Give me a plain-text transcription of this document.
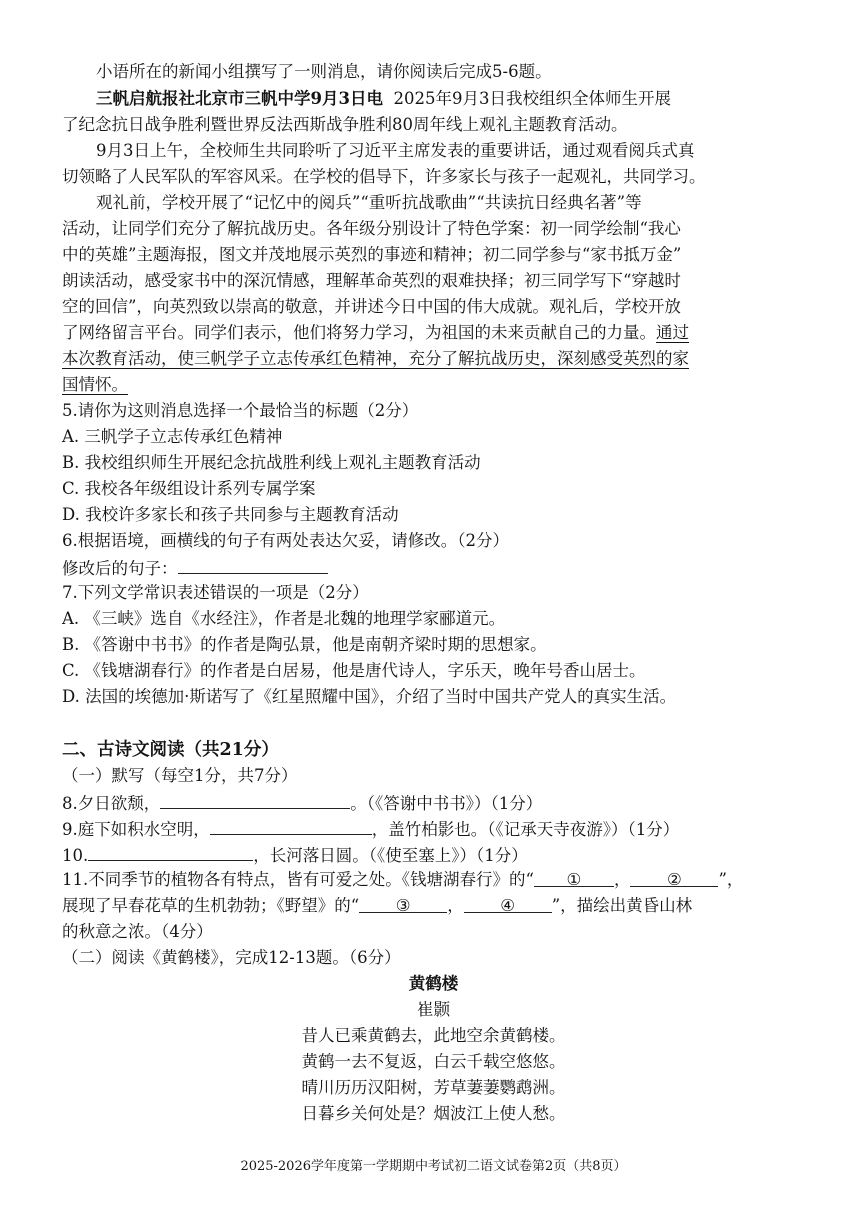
小语所在的新闻小组撰写了一则消息，请你阅读后完成5-6题。
三帆启航报社北京市三帆中学9月3日电  2025年9月3日我校组织全体师生开展
了纪念抗日战争胜利暨世界反法西斯战争胜利80周年线上观礼主题教育活动。
9月3日上午，全校师生共同聆听了习近平主席发表的重要讲话，通过观看阅兵式真
切领略了人民军队的军容风采。在学校的倡导下，许多家长与孩子一起观礼，共同学习。
观礼前，学校开展了“记忆中的阅兵”“重听抗战歌曲”“共读抗日经典名著”等
活动，让同学们充分了解抗战历史。各年级分别设计了特色学案：初一同学绘制“我心
中的英雄”主题海报，图文并茂地展示英烈的事迹和精神；初二同学参与“家书抵万金”
朗读活动，感受家书中的深沉情感，理解革命英烈的艰难抉择；初三同学写下“穿越时
空的回信”，向英烈致以崇高的敬意，并讲述今日中国的伟大成就。观礼后，学校开放
了网络留言平台。同学们表示，他们将努力学习，为祖国的未来贡献自己的力量。通过
本次教育活动，使三帆学子立志传承红色精神，充分了解抗战历史，深刻感受英烈的家
国情怀。
5.请你为这则消息选择一个最恰当的标题（2分）
A. 三帆学子立志传承红色精神
B. 我校组织师生开展纪念抗战胜利线上观礼主题教育活动
C. 我校各年级组设计系列专属学案
D. 我校许多家长和孩子共同参与主题教育活动
6.根据语境，画横线的句子有两处表达欠妥，请修改。（2分）
修改后的句子：
7.下列文学常识表述错误的一项是（2分）
A. 《三峡》选自《水经注》，作者是北魏的地理学家郦道元。
B. 《答谢中书书》的作者是陶弘景，他是南朝齐梁时期的思想家。
C. 《钱塘湖春行》的作者是白居易，他是唐代诗人，字乐天，晚年号香山居士。
D. 法国的埃德加·斯诺写了《红星照耀中国》，介绍了当时中国共产党人的真实生活。
二、古诗文阅读（共21分）
（一）默写（每空1分，共7分）
8.夕日欲颓，	。（《答谢中书书》）（1分）
9.庭下如积水空明，	，盖竹柏影也。（《记承天寺夜游》）（1分）
10.	，长河落日圆。（《使至塞上》）（1分）
11.不同季节的植物各有特点，皆有可爱之处。《钱塘湖春行》的“ ① ， ② ”，
展现了早春花草的生机勃勃；《野望》的“ ③ ， ④ ”，描绘出黄昏山林
的秋意之浓。（4分）
（二）阅读《黄鹤楼》，完成12-13题。（6分）
黄鹤楼
崔颢
昔人已乘黄鹤去，此地空余黄鹤楼。
黄鹤一去不复返，白云千载空悠悠。
晴川历历汉阳树，芳草萋萋鹦鹉洲。
日暮乡关何处是？烟波江上使人愁。
2025-2026学年度第一学期期中考试初二语文试卷第2页（共8页）
